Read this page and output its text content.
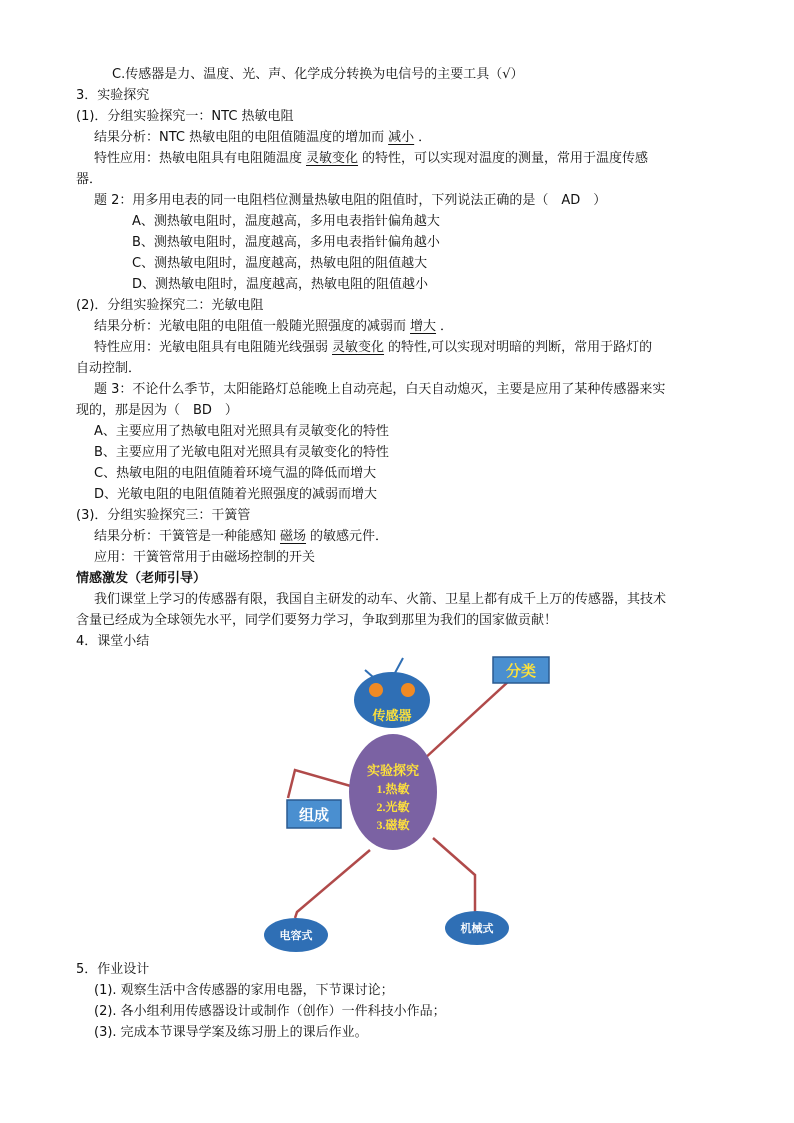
C.传感器是力、温度、光、声、化学成分转换为电信号的主要工具（√）
3．实验探究
(1)．分组实验探究一：NTC 热敏电阻
结果分析：NTC 热敏电阻的电阻值随温度的增加而 减小 ．
特性应用：热敏电阻具有电阻随温度 灵敏变化 的特性，可以实现对温度的测量，常用于温度传感
器．
题 2：用多用电表的同一电阻档位测量热敏电阻的阻值时，下列说法正确的是（　AD　）
A、测热敏电阻时，温度越高，多用电表指针偏角越大
B、测热敏电阻时，温度越高，多用电表指针偏角越小
C、测热敏电阻时，温度越高，热敏电阻的阻值越大
D、测热敏电阻时，温度越高，热敏电阻的阻值越小
(2)．分组实验探究二：光敏电阻
结果分析：光敏电阻的电阻值一般随光照强度的减弱而 增大 ．
特性应用：光敏电阻具有电阻随光线强弱 灵敏变化 的特性,可以实现对明暗的判断，常用于路灯的
自动控制．
题 3：不论什么季节，太阳能路灯总能晚上自动亮起，白天自动熄灭，主要是应用了某种传感器来实
现的，那是因为（　BD　）
A、主要应用了热敏电阻对光照具有灵敏变化的特性
B、主要应用了光敏电阻对光照具有灵敏变化的特性
C、热敏电阻的电阻值随着环境气温的降低而增大
D、光敏电阻的电阻值随着光照强度的减弱而增大
(3)．分组实验探究三：干簧管
结果分析：干簧管是一种能感知 磁场 的敏感元件．
应用：干簧管常用于由磁场控制的开关
情感激发（老师引导）
我们课堂上学习的传感器有限，我国自主研发的动车、火箭、卫星上都有成千上万的传感器，其技术
含量已经成为全球领先水平，同学们要努力学习，争取到那里为我们的国家做贡献！
4．课堂小结
传感器
实验探究
1.热敏
2.光敏
3.磁敏
组成
分类
电容式
机械式
5．作业设计
(1). 观察生活中含传感器的家用电器，下节课讨论；
(2). 各小组利用传感器设计或制作（创作）一件科技小作品；
(3). 完成本节课导学案及练习册上的课后作业。
